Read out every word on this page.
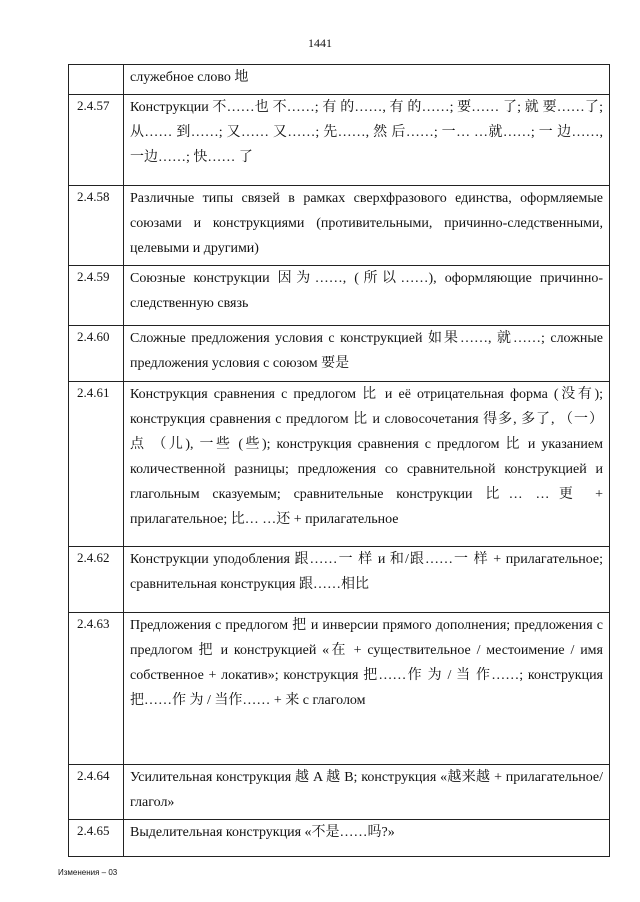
1441
	служебное слово 地
2.4.57	Конструкции 不……也 不……; 有 的……, 有 的……; 要…… 了; 就 要……了; 从…… 到……; 又…… 又……; 先……, 然 后……; 一… …就……; 一 边……, 一边……; 快…… 了
2.4.58	Различные типы связей в рамках сверхфразового единства, оформляемые союзами и конструкциями (противительными, причинно-следственными, целевыми и другими)
2.4.59	Союзные конструкции 因为……, (所以……), оформляющие причинно-следственную связь
2.4.60	Сложные предложения условия с конструкцией 如果……, 就……; сложные предложения условия с союзом 要是
2.4.61	Конструкция сравнения с предлогом 比 и её отрицательная форма (没有); конструкция сравнения с предлогом 比 и словосочетания 得多, 多了, （一） 点 （儿), 一些 (些); конструкция сравнения с предлогом 比 и указанием количественной разницы; предложения со сравнительной конструкцией и глагольным сказуемым; сравнительные конструкции 比… …更 + прилагательное; 比… …还 + прилагательное
2.4.62	Конструкции уподобления 跟……一 样 и 和/跟……一 样 + прилагательное; сравнительная конструкция 跟……相比
2.4.63	Предложения с предлогом 把 и инверсии прямого дополнения; предложения с предлогом 把 и конструкцией «在 + существительное / местоимение / имя собственное + локатив»; конструкция 把……作 为 / 当 作……; конструкция 把……作 为 / 当作…… + 来 с глаголом
2.4.64	Усилительная конструкция 越 A 越 B; конструкция «越来越 + прилагательное/глагол»
2.4.65	Выделительная конструкция «不是……吗?»
Изменения – 03
